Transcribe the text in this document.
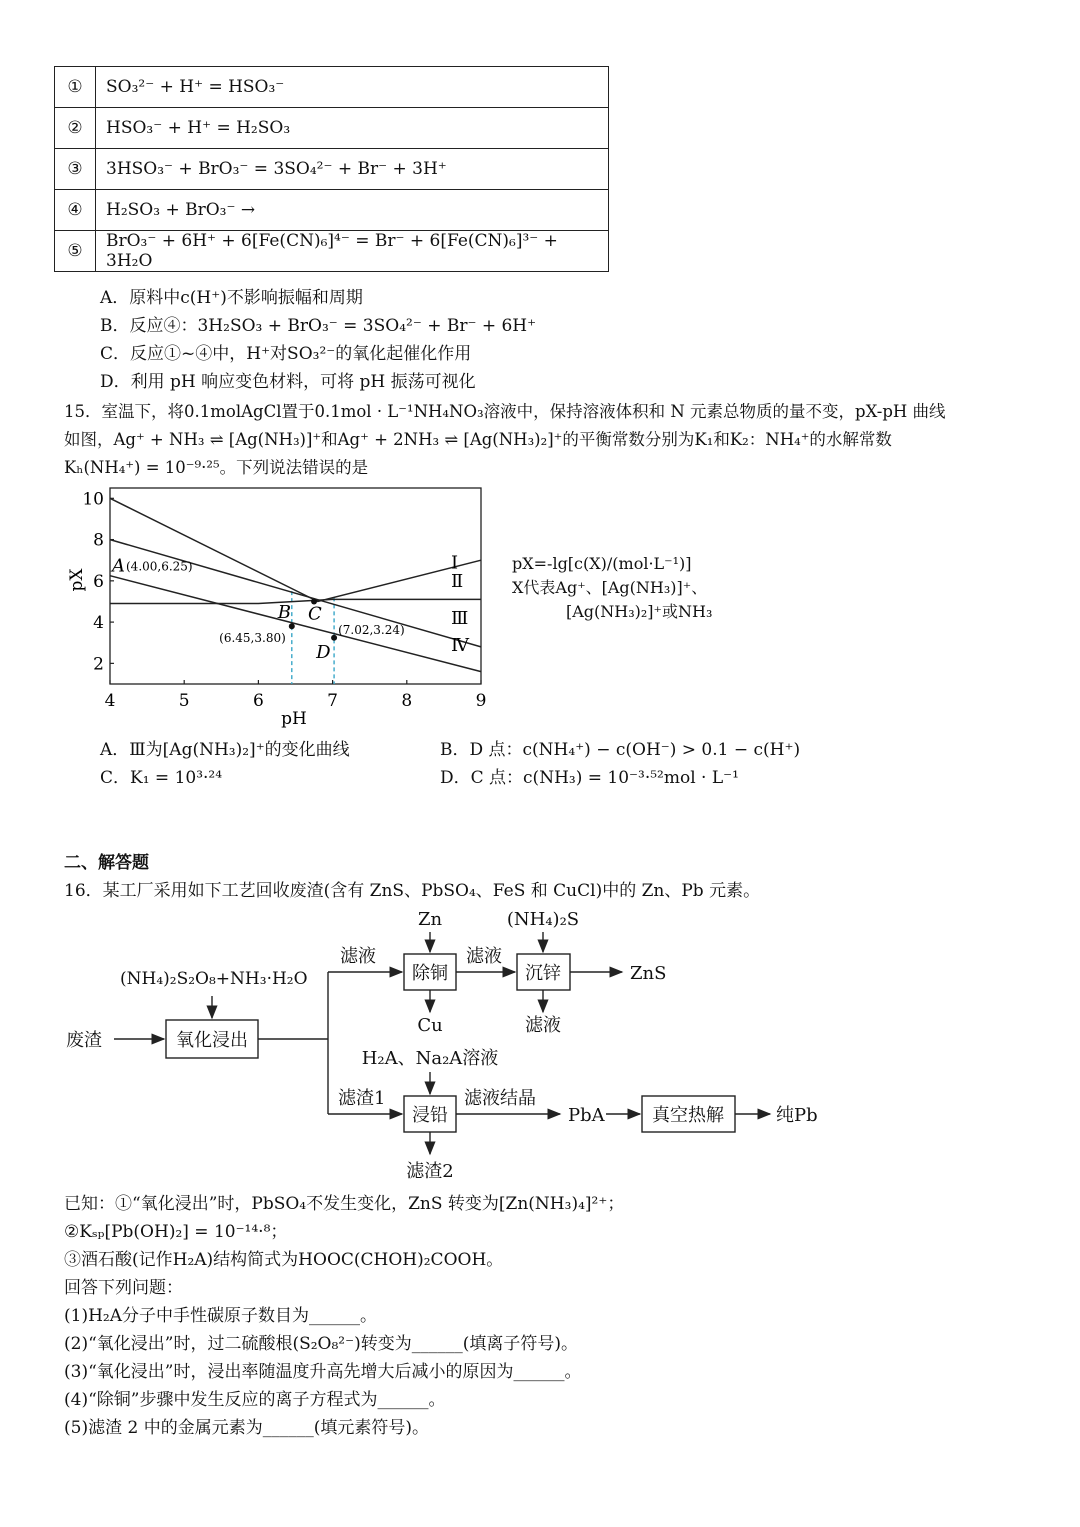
①	SO₃²⁻ + H⁺ = HSO₃⁻
②	HSO₃⁻ + H⁺ = H₂SO₃
③	3HSO₃⁻ + BrO₃⁻ = 3SO₄²⁻ + Br⁻ + 3H⁺
④	H₂SO₃ + BrO₃⁻ →
⑤	BrO₃⁻ + 6H⁺ + 6[Fe(CN)₆]⁴⁻ = Br⁻ + 6[Fe(CN)₆]³⁻ + 3H₂O
A．原料中c(H⁺)不影响振幅和周期
B．反应④：3H₂SO₃ + BrO₃⁻ = 3SO₄²⁻ + Br⁻ + 6H⁺
C．反应①~④中，H⁺对SO₃²⁻的氧化起催化作用
D．利用 pH 响应变色材料，可将 pH 振荡可视化
15．室温下，将0.1molAgCl置于0.1mol · L⁻¹NH₄NO₃溶液中，保持溶液体积和 N 元素总物质的量不变，pX-pH 曲线
如图，Ag⁺ + NH₃ ⇌ [Ag(NH₃)]⁺和Ag⁺ + 2NH₃ ⇌ [Ag(NH₃)₂]⁺的平衡常数分别为K₁和K₂：NH₄⁺的水解常数
Kₕ(NH₄⁺) = 10⁻⁹·²⁵。下列说法错误的是
4	5	6	7	8	9
2
4
6
8
10
Ⅰ
Ⅱ
Ⅲ
Ⅳ
A (4.00,6.25)
B
(6.45,3.80)
C
D
(7.02,3.24)
pH
pX
pX=-lg[c(X)/(mol·L⁻¹)]
X代表Ag⁺、[Ag(NH₃)]⁺、
[Ag(NH₃)₂]⁺或NH₃
A．Ⅲ为[Ag(NH₃)₂]⁺的变化曲线	B．D 点：c(NH₄⁺) − c(OH⁻) > 0.1 − c(H⁺)
C．K₁ = 10³·²⁴	D．C 点：c(NH₃) = 10⁻³·⁵²mol · L⁻¹
二、解答题
16．某工厂采用如下工艺回收废渣(含有 ZnS、PbSO₄、FeS 和 CuCl)中的 Zn、Pb 元素。
废渣
(NH₄)₂S₂O₈+NH₃·H₂O
氧化浸出
滤液
Zn
除铜
Cu
滤液
(NH₄)₂S
沉锌	ZnS
滤液
滤渣1
H₂A、Na₂A溶液
浸铅
滤液结晶
PbA	真空热解	纯Pb
滤渣2
已知：①“氧化浸出”时，PbSO₄不发生变化，ZnS 转变为[Zn(NH₃)₄]²⁺；
②Kₛₚ[Pb(OH)₂] = 10⁻¹⁴·⁸；
③酒石酸(记作H₂A)结构简式为HOOC(CHOH)₂COOH。
回答下列问题：
(1)H₂A分子中手性碳原子数目为______。
(2)“氧化浸出”时，过二硫酸根(S₂O₈²⁻)转变为______(填离子符号)。
(3)“氧化浸出”时，浸出率随温度升高先增大后减小的原因为______。
(4)“除铜”步骤中发生反应的离子方程式为______。
(5)滤渣 2 中的金属元素为______(填元素符号)。
